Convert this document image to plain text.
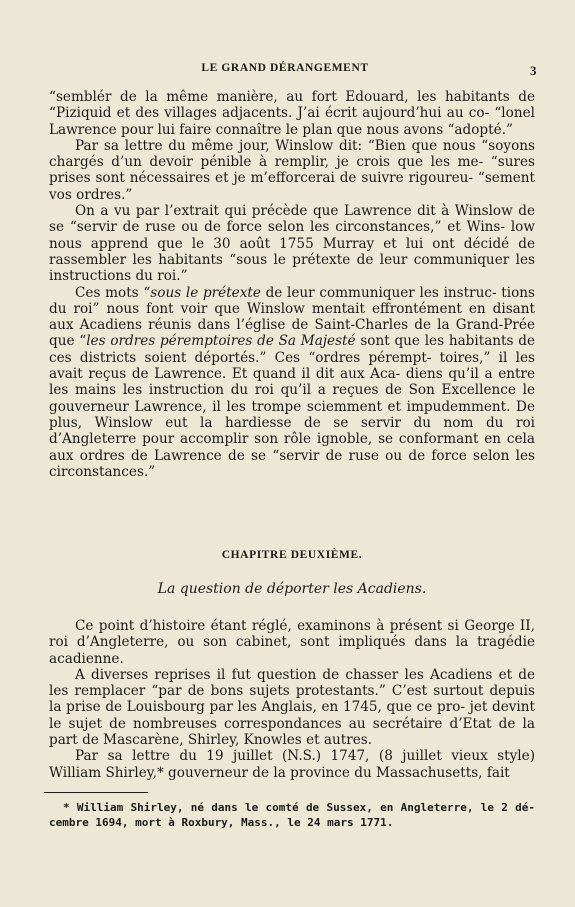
LE GRAND DÉRANGEMENT	3

“semblér de la même manière, au fort Edouard, les habitants de “Piziquid et des villages adjacents. J’ai écrit aujourd’hui au co- “lonel Lawrence pour lui faire connaître le plan que nous avons “adopté.”

Par sa lettre du même jour, Winslow dit: “Bien que nous “soyons chargés d’un devoir pénible à remplir, je crois que les me- “sures prises sont nécessaires et je m’efforcerai de suivre rigoureu- “sement vos ordres.”

On a vu par l’extrait qui précède que Lawrence dit à Winslow de se “servir de ruse ou de force selon les circonstances,” et Wins- low nous apprend que le 30 août 1755 Murray et lui ont décidé de rassembler les habitants “sous le prétexte de leur communiquer les instructions du roi.”

Ces mots “sous le prétexte de leur communiquer les instruc- tions du roi” nous font voir que Winslow mentait effrontément en disant aux Acadiens réunis dans l’église de Saint-Charles de la Grand-Prée que “les ordres péremptoires de Sa Majesté sont que les habitants de ces districts soient déportés.” Ces “ordres pérempt- toires,” il les avait reçus de Lawrence. Et quand il dit aux Aca- diens qu’il a entre les mains les instruction du roi qu’il a reçues de Son Excellence le gouverneur Lawrence, il les trompe sciemment et impudemment. De plus, Winslow eut la hardiesse de se servir du nom du roi d’Angleterre pour accomplir son rôle ignoble, se conformant en cela aux ordres de Lawrence de se “servir de ruse ou de force selon les circonstances.”

CHAPITRE DEUXIÈME.
La question de déporter les Acadiens.

Ce point d’histoire étant réglé, examinons à présent si George II, roi d’Angleterre, ou son cabinet, sont impliqués dans la tragédie acadienne.

A diverses reprises il fut question de chasser les Acadiens et de les remplacer “par de bons sujets protestants.” C’est surtout depuis la prise de Louisbourg par les Anglais, en 1745, que ce pro- jet devint le sujet de nombreuses correspondances au secrétaire d’Etat de la part de Mascarène, Shirley, Knowles et autres.

Par sa lettre du 19 juillet (N.S.) 1747, (8 juillet vieux style) William Shirley,* gouverneur de la province du Massachusetts, fait

* William Shirley, né dans le comté de Sussex, en Angleterre, le 2 dé- cembre 1694, mort à Roxbury, Mass., le 24 mars 1771.
